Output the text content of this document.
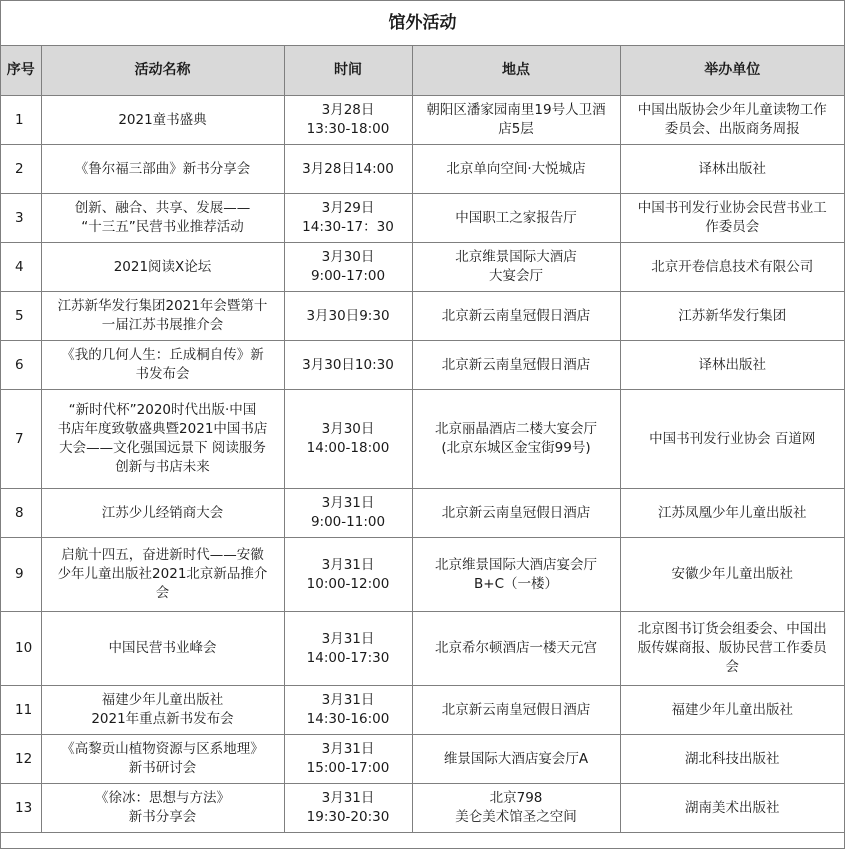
馆外活动
序号	活动名称	时间	地点	举办单位
1	2021童书盛典	3月28日
13:30-18:00	朝阳区潘家园南里19号人卫酒
店5层	中国出版协会少年儿童读物工作
委员会、出版商务周报

2	《鲁尔福三部曲》新书分享会	3月28日14:00	北京单向空间·大悦城店	译林出版社

3	创新、融合、共享、发展——
“十三五”民营书业推荐活动	3月29日
14:30-17：30	中国职工之家报告厅	中国书刊发行业协会民营书业工
作委员会

4	2021阅读X论坛	3月30日
9:00-17:00	北京维景国际大酒店
大宴会厅	北京开卷信息技术有限公司

5	江苏新华发行集团2021年会暨第十
一届江苏书展推介会	3月30日9:30	北京新云南皇冠假日酒店	江苏新华发行集团

6	《我的几何人生：丘成桐自传》新
书发布会	3月30日10:30	北京新云南皇冠假日酒店	译林出版社

7	“新时代杯”2020时代出版·中国
书店年度致敬盛典暨2021中国书店
大会——文化强国远景下 阅读服务
创新与书店未来	3月30日
14:00-18:00	北京丽晶酒店二楼大宴会厅
(北京东城区金宝街99号)	中国书刊发行业协会 百道网

8	江苏少儿经销商大会	3月31日
9:00-11:00	北京新云南皇冠假日酒店	江苏凤凰少年儿童出版社

9	启航十四五，奋进新时代——安徽
少年儿童出版社2021北京新品推介
会	3月31日
10:00-12:00	北京维景国际大酒店宴会厅
B+C（一楼）	安徽少年儿童出版社

10	中国民营书业峰会	3月31日
14:00-17:30	北京希尔顿酒店一楼天元宫	北京图书订货会组委会、中国出
版传媒商报、版协民营工作委员
会

11	福建少年儿童出版社
2021年重点新书发布会	3月31日
14:30-16:00	北京新云南皇冠假日酒店	福建少年儿童出版社

12	《高黎贡山植物资源与区系地理》
新书研讨会	3月31日
15:00-17:00	维景国际大酒店宴会厅A	湖北科技出版社

13	《徐冰：思想与方法》
新书分享会	3月31日
19:30-20:30	北京798
美仑美术馆圣之空间	湖南美术出版社
